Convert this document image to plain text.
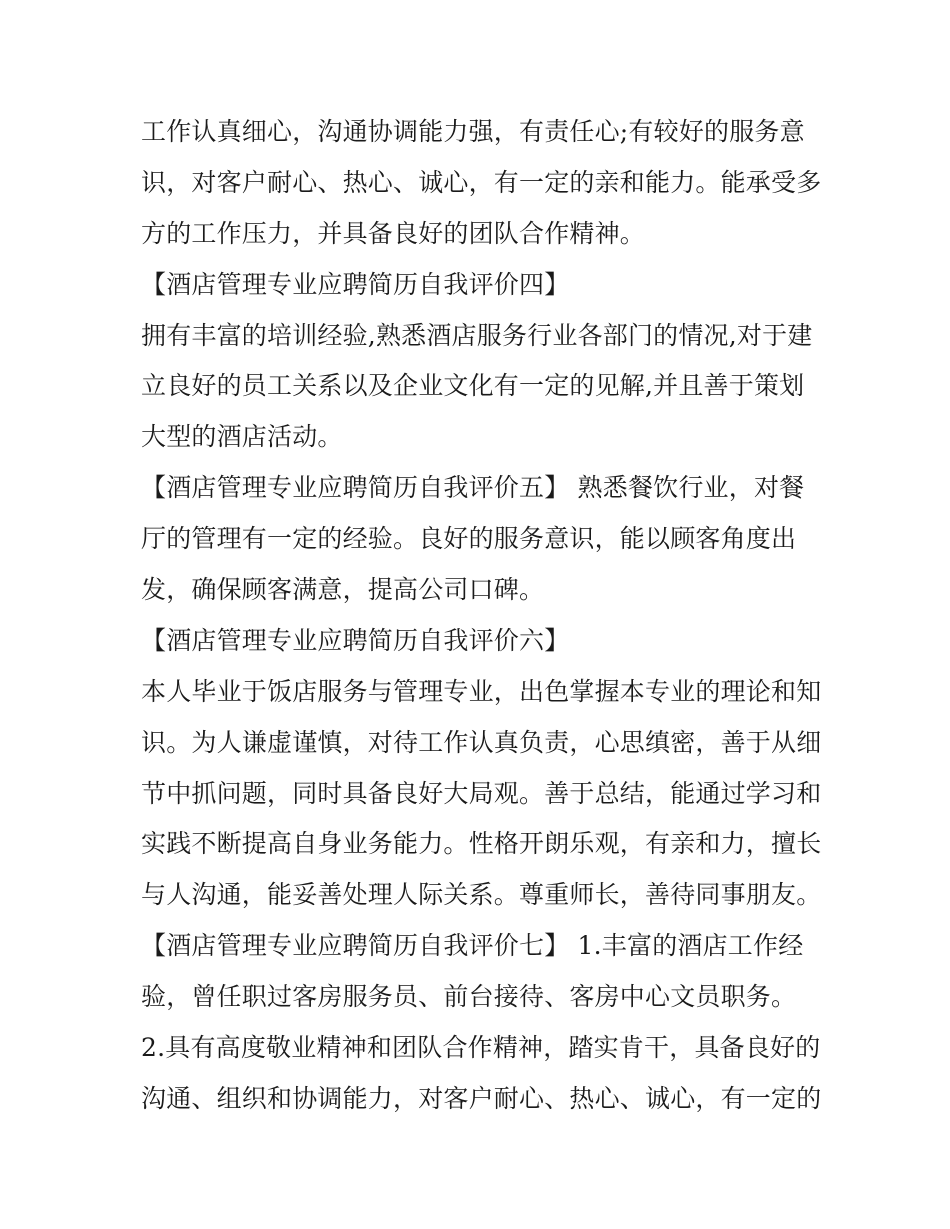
工作认真细心，沟通协调能力强，有责任心;有较好的服务意
识，对客户耐心、热心、诚心，有一定的亲和能力。能承受多
方的工作压力，并具备良好的团队合作精神。
【酒店管理专业应聘简历自我评价四】
拥有丰富的培训经验,熟悉酒店服务行业各部门的情况,对于建
立良好的员工关系以及企业文化有一定的见解,并且善于策划
大型的酒店活动。
【酒店管理专业应聘简历自我评价五】 熟悉餐饮行业，对餐
厅的管理有一定的经验。良好的服务意识，能以顾客角度出
发，确保顾客满意，提高公司口碑。
【酒店管理专业应聘简历自我评价六】
本人毕业于饭店服务与管理专业，出色掌握本专业的理论和知
识。为人谦虚谨慎，对待工作认真负责，心思缜密，善于从细
节中抓问题，同时具备良好大局观。善于总结，能通过学习和
实践不断提高自身业务能力。性格开朗乐观，有亲和力，擅长
与人沟通，能妥善处理人际关系。尊重师长，善待同事朋友。
【酒店管理专业应聘简历自我评价七】 1.丰富的酒店工作经
验，曾任职过客房服务员、前台接待、客房中心文员职务。
2.具有高度敬业精神和团队合作精神，踏实肯干，具备良好的
沟通、组织和协调能力，对客户耐心、热心、诚心，有一定的
